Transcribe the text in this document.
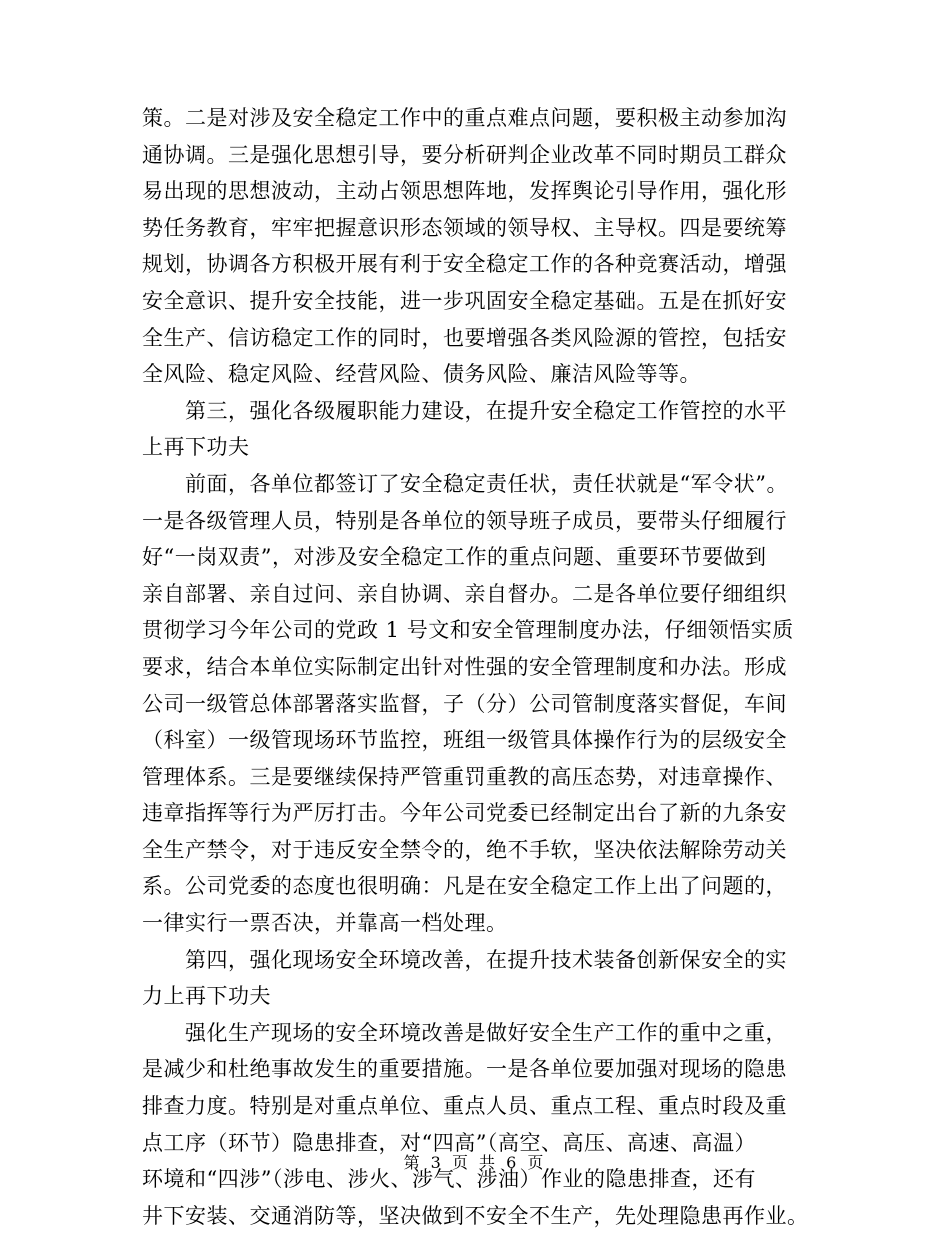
策。二是对涉及安全稳定工作中的重点难点问题，要积极主动参加沟
通协调。三是强化思想引导，要分析研判企业改革不同时期员工群众
易出现的思想波动，主动占领思想阵地，发挥舆论引导作用，强化形
势任务教育，牢牢把握意识形态领域的领导权、主导权。四是要统筹
规划，协调各方积极开展有利于安全稳定工作的各种竞赛活动，增强
安全意识、提升安全技能，进一步巩固安全稳定基础。五是在抓好安
全生产、信访稳定工作的同时，也要增强各类风险源的管控，包括安
全风险、稳定风险、经营风险、债务风险、廉洁风险等等。
　　第三，强化各级履职能力建设，在提升安全稳定工作管控的水平
上再下功夫
　　前面，各单位都签订了安全稳定责任状，责任状就是“军令状”。
一是各级管理人员，特别是各单位的领导班子成员，要带头仔细履行
好“一岗双责”，对涉及安全稳定工作的重点问题、重要环节要做到
亲自部署、亲自过问、亲自协调、亲自督办。二是各单位要仔细组织
贯彻学习今年公司的党政 1 号文和安全管理制度办法，仔细领悟实质
要求，结合本单位实际制定出针对性强的安全管理制度和办法。形成
公司一级管总体部署落实监督，子（分）公司管制度落实督促，车间
（科室）一级管现场环节监控，班组一级管具体操作行为的层级安全
管理体系。三是要继续保持严管重罚重教的高压态势，对违章操作、
违章指挥等行为严厉打击。今年公司党委已经制定出台了新的九条安
全生产禁令，对于违反安全禁令的，绝不手软，坚决依法解除劳动关
系。公司党委的态度也很明确：凡是在安全稳定工作上出了问题的，
一律实行一票否决，并靠高一档处理。
　　第四，强化现场安全环境改善，在提升技术装备创新保安全的实
力上再下功夫
　　强化生产现场的安全环境改善是做好安全生产工作的重中之重，
是减少和杜绝事故发生的重要措施。一是各单位要加强对现场的隐患
排查力度。特别是对重点单位、重点人员、重点工程、重点时段及重
点工序（环节）隐患排查，对“四高”（高空、高压、高速、高温）
环境和“四涉”（涉电、涉火、涉气、涉油）作业的隐患排查，还有
井下安装、交通消防等，坚决做到不安全不生产，先处理隐患再作业。
第 3 页 共 6 页
